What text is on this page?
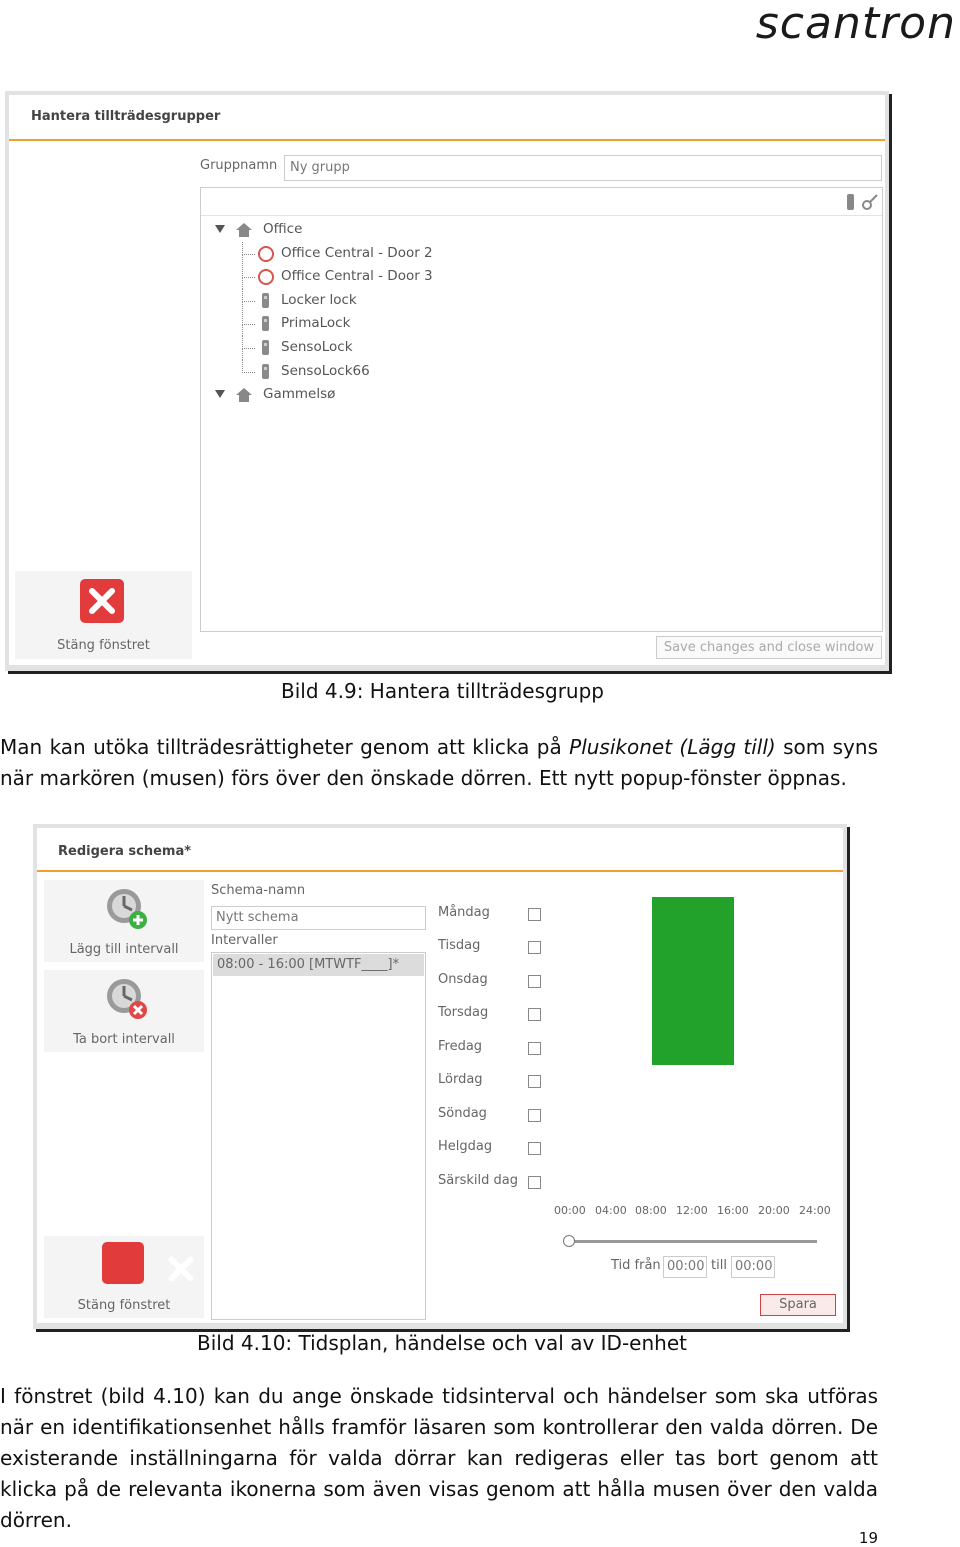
scantron
Hantera tillträdesgrupper
Gruppnamn Ny grupp
Office
Office Central - Door 2
Office Central - Door 3
Locker lock
PrimaLock
SensoLock
SensoLock66
Gammelsø
Stäng fönstret	Save changes and close window
Bild 4.9: Hantera tillträdesgrupp

Man kan utöka tillträdesrättigheter genom att klicka på Plusikonet (Lägg till) som syns när markören (musen) förs över den önskade dörren. Ett nytt popup-fönster öppnas.

Redigera schema*
Lägg till intervall
Ta bort intervall
Stäng fönstret
Schema-namn
Nytt schema
Intervaller
08:00 - 16:00 [MTWTF____]*
Måndag
Tisdag
Onsdag
Torsdag
Fredag
Lördag
Söndag
Helgdag
Särskild dag
00:00 04:00 08:00 12:00 16:00 20:00 24:00
Tid från 00:00 till 00:00
Spara
Bild 4.10: Tidsplan, händelse och val av ID-enhet

I fönstret (bild 4.10) kan du ange önskade tidsinterval och händelser som ska utföras när en identifikationsenhet hålls framför läsaren som kontrollerar den valda dörren. De existerande inställningarna för valda dörrar kan redigeras eller tas bort genom att klicka på de relevanta ikonerna som även visas genom att hålla musen över den valda dörren.

19
